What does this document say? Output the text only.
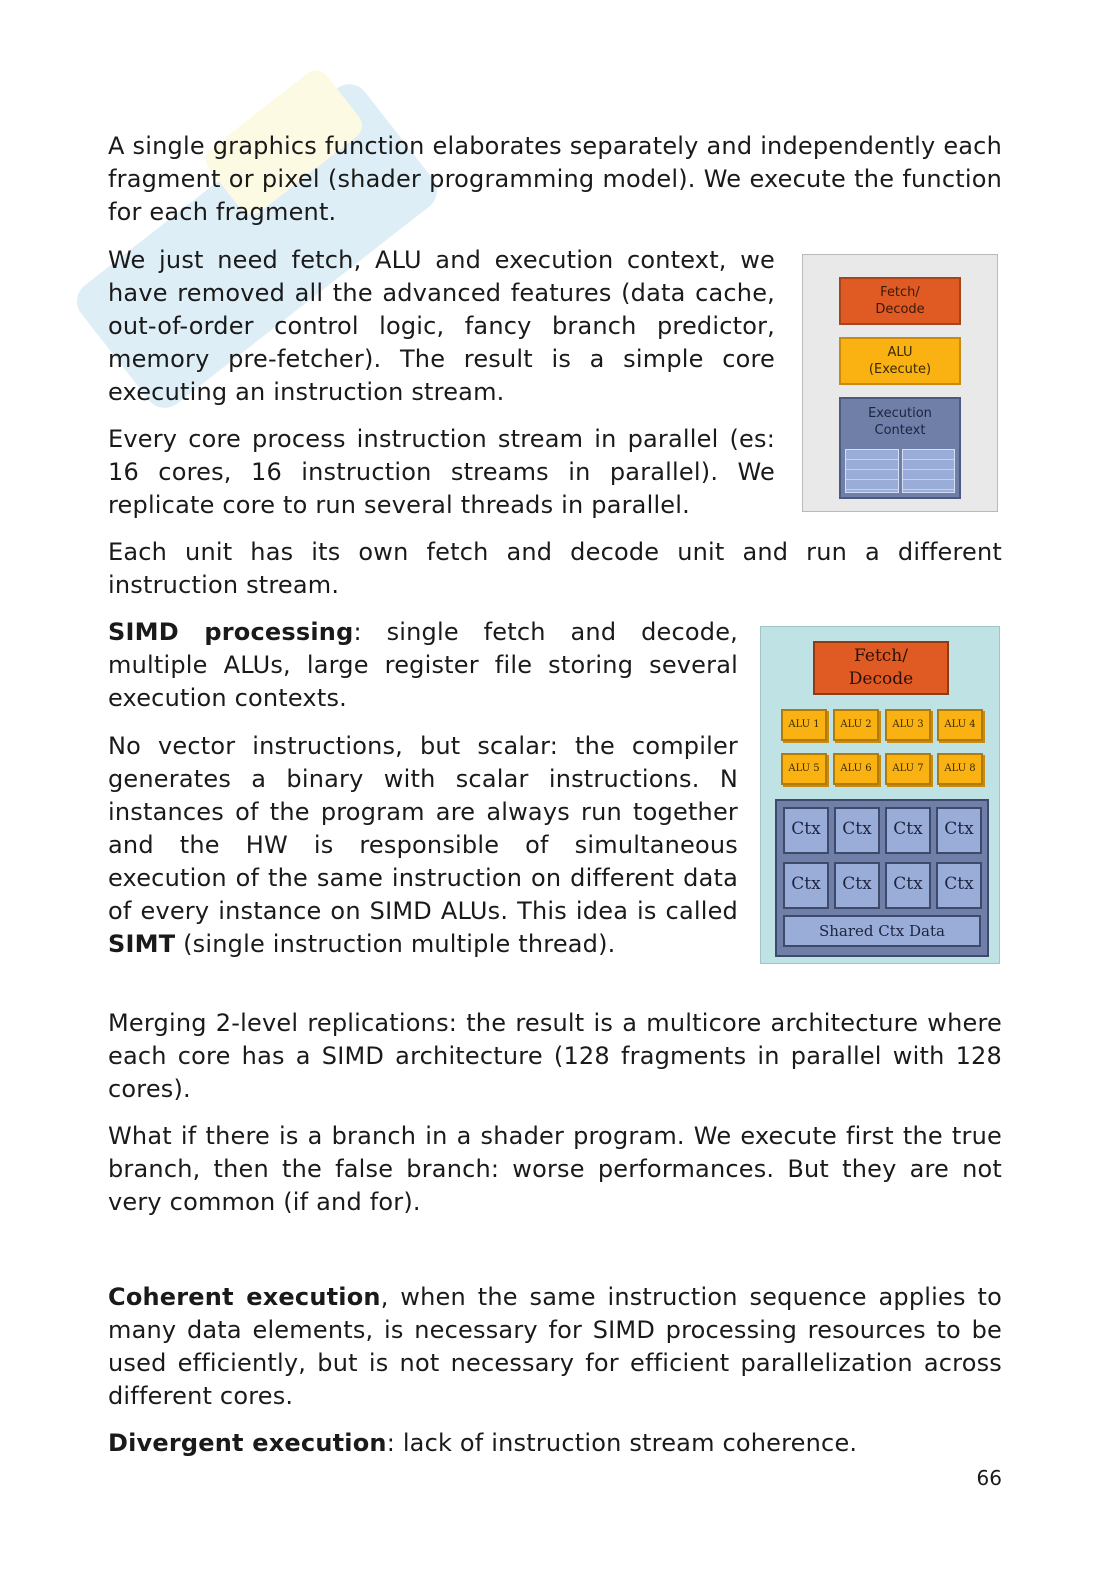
A single graphics function elaborates separately and independently each fragment or pixel (shader programming model). We execute the function for each fragment.

We just need fetch, ALU and execution context, we have removed all the advanced features (data cache, out-of-order control logic, fancy branch predictor, memory pre-fetcher). The result is a simple core executing an instruction stream.

Every core process instruction stream in parallel (es: 16 cores, 16 instruction streams in parallel). We replicate core to run several threads in parallel.

Fetch/
Decode
ALU
(Execute)
Execution
Context

Each unit has its own fetch and decode unit and run a different instruction stream.

SIMD processing: single fetch and decode, multiple ALUs, large register file storing several execution contexts.

No vector instructions, but scalar: the compiler generates a binary with scalar instructions. N instances of the program are always run together and the HW is responsible of simultaneous execution of the same instruction on different data of every instance on SIMD ALUs. This idea is called SIMT (single instruction multiple thread).

Fetch/
Decode
ALU 1	ALU 2	ALU 3	ALU 4
ALU 5	ALU 6	ALU 7	ALU 8
Ctx	Ctx	Ctx	Ctx
Ctx	Ctx	Ctx	Ctx
Shared Ctx Data

Merging 2-level replications: the result is a multicore architecture where each core has a SIMD architecture (128 fragments in parallel with 128 cores).

What if there is a branch in a shader program. We execute first the true branch, then the false branch: worse performances. But they are not very common (if and for).

Coherent execution, when the same instruction sequence applies to many data elements, is necessary for SIMD processing resources to be used efficiently, but is not necessary for efficient parallelization across different cores.

Divergent execution: lack of instruction stream coherence.

66
